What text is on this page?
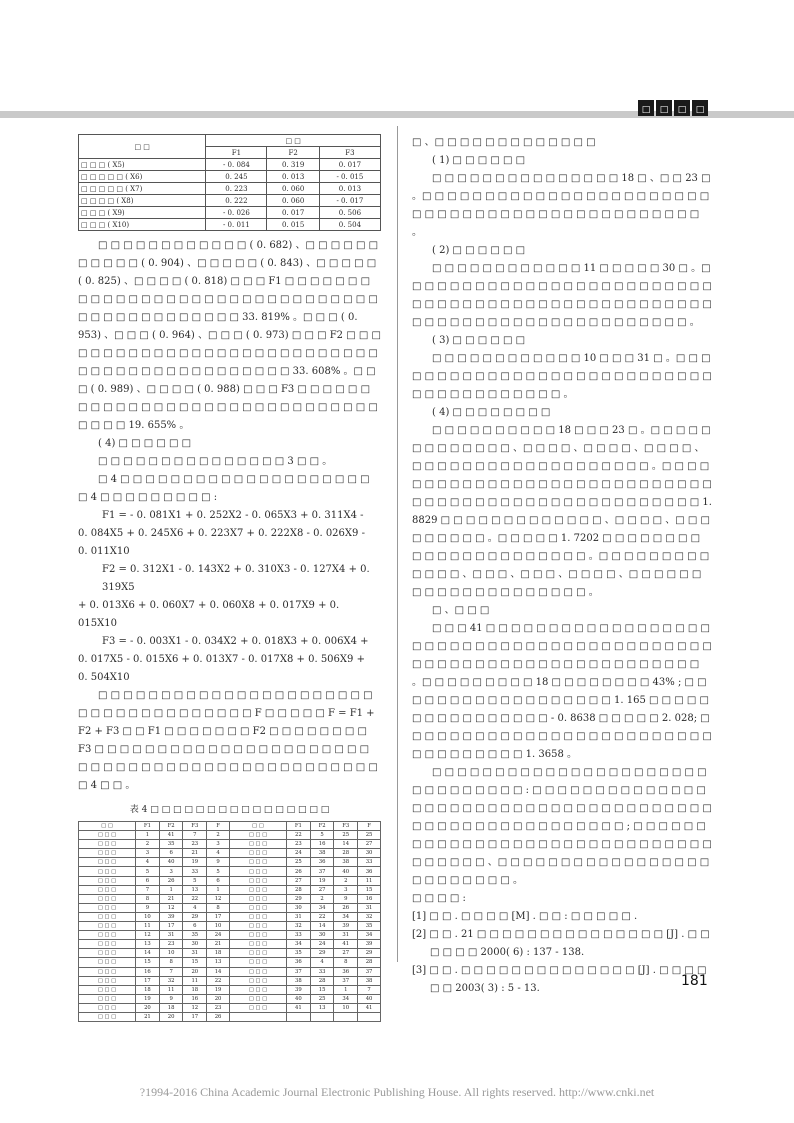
□	□	□	□
□ □	□ □		
	F1	F2	F3
□ □ □ ( X5)	- 0. 084	0. 319	0. 017
□ □ □ □ □ ( X6)	0. 245	0. 013	- 0. 015
□ □ □ □ □ ( X7)	0. 223	0. 060	0. 013
□ □ □ □ ( X8)	0. 222	0. 060	- 0. 017
□ □ □ ( X9)	- 0. 026	0. 017	0. 506
□ □ □ ( X10)	- 0. 011	0. 015	0. 504

□ □ □ □ □ □ □ □ □ □ □ □ ( 0. 682) 、□ □ □ □ □ □ □ □ □ □ □ ( 0. 904) 、□ □ □ □ □ ( 0. 843) 、□ □ □ □ □ ( 0. 825) 、□ □ □ □ ( 0. 818) □ □ □ F1 □ □ □ □ □ □ □ □ □ □ □ □ □ □ □ □ □ □ □ □ □ □ □ □ □ □ □ □ □ □ □ □ □ □ □ □ □ □ □ □ □ □ □ □ 33. 819% 。□ □ □ ( 0. 953) 、□ □ □ ( 0. 964) 、□ □ □ ( 0. 973) □ □ □ F2 □ □ □ □ □ □ □ □ □ □ □ □ □ □ □ □ □ □ □ □ □ □ □ □ □ □ □ □ □ □ □ □ □ □ □ □ □ □ □ □ □ □ □ □ 33. 608% 。□ □ □ ( 0. 989) 、□ □ □ □ ( 0. 988) □ □ □ F3 □ □ □ □ □ □ □ □ □ □ □ □ □ □ □ □ □ □ □ □ □ □ □ □ □ □ □ □ □ □ □ □ □ □ 19. 655% 。

( 4) □ □ □ □ □ □

□ □ □ □ □ □ □ □ □ □ □ □ □ □ □ 3 □ □ 。

□ 4 □ □ □ □ □ □ □ □ □ □ □ □ □ □ □ □ □ □ □ □ □ 4 □ □ □ □ □ □ □ □ □ :

F1 = - 0. 081X1 + 0. 252X2 - 0. 065X3 + 0. 311X4 -

0. 084X5 + 0. 245X6 + 0. 223X7 + 0. 222X8 - 0. 026X9 -

0. 011X10

F2 = 0. 312X1 - 0. 143X2 + 0. 310X3 - 0. 127X4 + 0. 319X5

+ 0. 013X6 + 0. 060X7 + 0. 060X8 + 0. 017X9 + 0. 015X10

F3 = - 0. 003X1 - 0. 034X2 + 0. 018X3 + 0. 006X4 +

0. 017X5 - 0. 015X6 + 0. 013X7 - 0. 017X8 + 0. 506X9 +

0. 504X10

□ □ □ □ □ □ □ □ □ □ □ □ □ □ □ □ □ □ □ □ □ □ □ □ □ □ □ □ □ □ □ □ □ □ □ □ F □ □ □ □ □ F = F1 + F2 + F3 □ □ F1 □ □ □ □ □ □ □ F2 □ □ □ □ □ □ □ □ F3 □ □ □ □ □ □ □ □ □ □ □ □ □ □ □ □ □ □ □ □ □ □ □ □ □ □ □ □ □ □ □ □ □ □ □ □ □ □ □ □ □ □ □ □ □ □ □ 4 □ □ 。

表 4 □ □ □ □ □ □ □ □ □ □ □ □ □ □ □ □

□ □	F1	F2	F3	F	□ □	F1	F2	F3	F
□ □ □	1	41	7	2	□ □ □	22	5	25	25
□ □ □	2	35	23	3	□ □ □	23	16	14	27
□ □ □	3	6	21	4	□ □ □	24	38	28	30
□ □ □	4	40	19	9	□ □ □	25	36	38	33
□ □ □	5	3	33	5	□ □ □	26	37	40	36
□ □ □	6	26	5	6	□ □ □	27	19	2	11
□ □ □	7	1	13	1	□ □ □	28	27	3	15
□ □ □	8	21	22	12	□ □ □	29	2	9	16
□ □ □	9	12	4	8	□ □ □	30	34	26	31
□ □ □	10	39	29	17	□ □ □	31	22	34	32
□ □ □	11	17	6	10	□ □ □	32	14	39	35
□ □ □	12	31	35	24	□ □ □	33	30	31	34
□ □ □	13	23	30	21	□ □ □	34	24	41	39
□ □ □	14	10	31	18	□ □ □	35	29	27	29
□ □ □	15	8	15	13	□ □ □	36	4	8	28
□ □ □	16	7	20	14	□ □ □	37	33	36	37
□ □ □	17	32	11	22	□ □ □	38	28	37	38
□ □ □	18	11	18	19	□ □ □	39	15	1	7
□ □ □	19	9	16	20	□ □ □	40	25	34	40
□ □ □	20	18	12	23	□ □ □	41	13	10	41
□ □ □	21	20	17	26					

□ 、□ □ □ □ □ □ □ □ □ □ □ □ □

( 1) □ □ □ □ □ □

□ □ □ □ □ □ □ □ □ □ □ □ □ □ □ 18 □ 、□ □ 23 □ 。□ □ □ □ □ □ □ □ □ □ □ □ □ □ □ □ □ □ □ □ □ □ □ □ □ □ □ □ □ □ □ □ □ □ □ □ □ □ □ □ □ □ □ □ □ □ 。

( 2) □ □ □ □ □ □

□ □ □ □ □ □ □ □ □ □ □ □ 11 □ □ □ □ □ 30 □ 。□ □ □ □ □ □ □ □ □ □ □ □ □ □ □ □ □ □ □ □ □ □ □ □ □ □ □ □ □ □ □ □ □ □ □ □ □ □ □ □ □ □ □ □ □ □ □ □ □ □ □ □ □ □ □ □ □ □ □ □ □ □ □ □ □ □ □ □ □ □ □ 。

( 3) □ □ □ □ □ □

□ □ □ □ □ □ □ □ □ □ □ □ 10 □ □ □ 31 □ 。□ □ □ □ □ □ □ □ □ □ □ □ □ □ □ □ □ □ □ □ □ □ □ □ □ □ □ □ □ □ □ □ □ □ □ □ □ □ □ 。

( 4) □ □ □ □ □ □ □ □

□ □ □ □ □ □ □ □ □ □ 18 □ □ □ 23 □ 。□ □ □ □ □ □ □ □ □ □ □ □ □ 、□ □ □ □ 、□ □ □ □ 、□ □ □ □ 、□ □ □ □ □ □ □ □ □ □ □ □ □ □ □ □ □ □ □ 。□ □ □ □ □ □ □ □ □ □ □ □ □ □ □ □ □ □ □ □ □ □ □ □ □ □ □ □ □ □ □ □ □ □ □ □ □ □ □ □ □ □ □ □ □ □ □ □ □ □ □ 1. 8829 □ □ □ □ □ □ □ □ □ □ □ □ □ 、□ □ □ □ 、□ □ □ □ □ □ □ □ □ 。□ □ □ □ □ 1. 7202 □ □ □ □ □ □ □ □ □ □ □ □ □ □ □ □ □ □ □ □ □ □ 。□ □ □ □ □ □ □ □ □ □ □ □ □ 、□ □ □ 、□ □ □ 、□ □ □ □ 、□ □ □ □ □ □ □ □ □ □ □ □ □ □ □ □ □ □ □ □ 。

□ 、□ □ □

□ □ □ 41 □ □ □ □ □ □ □ □ □ □ □ □ □ □ □ □ □ □ □ □ □ □ □ □ □ □ □ □ □ □ □ □ □ □ □ □ □ □ □ □ □ □ □ □ □ □ □ □ □ □ □ □ □ □ □ □ □ □ □ □ □ □ □ □ □ 。□ □ □ □ □ □ □ □ □ 18 □ □ □ □ □ □ □ □ 43% ; □ □ □ □ □ □ □ □ □ □ □ □ □ □ □ □ □ □ 1. 165 □ □ □ □ □ □ □ □ □ □ □ □ □ □ □ □ - 0. 8638 □ □ □ □ □ 2. 028; □ □ □ □ □ □ □ □ □ □ □ □ □ □ □ □ □ □ □ □ □ □ □ □ □ □ □ □ □ □ □ □ □ □ 1. 3658 。

□ □ □ □ □ □ □ □ □ □ □ □ □ □ □ □ □ □ □ □ □ □ □ □ □ □ □ □ □ □ □ : □ □ □ □ □ □ □ □ □ □ □ □ □ □ □ □ □ □ □ □ □ □ □ □ □ □ □ □ □ □ □ □ □ □ □ □ □ □ □ □ □ □ □ □ □ □ □ □ □ □ □ □ □ □ □ ; □ □ □ □ □ □ □ □ □ □ □ □ □ □ □ □ □ □ □ □ □ □ □ □ □ □ □ □ □ □ □ □ □ □ □ □ 、□ □ □ □ □ □ □ □ □ □ □ □ □ □ □ □ □ □ □ □ □ □ □ □ □ 。

□ □ □ □ :

[1] □ □ . □ □ □ □ [M] . □ □ : □ □ □ □ □ .

[2] □ □ . 21 □ □ □ □ □ □ □ □ □ □ □ □ □ □ □ [J] . □ □ □ □ □ □ 2000( 6) : 137 - 138.

[3] □ □ . □ □ □ □ □ □ □ □ □ □ □ □ □ □ [J] . □ □ □ □ □ □ 2003( 3) : 5 - 13.	181
?1994-2016 China Academic Journal Electronic Publishing House. All rights reserved. http://www.cnki.net
